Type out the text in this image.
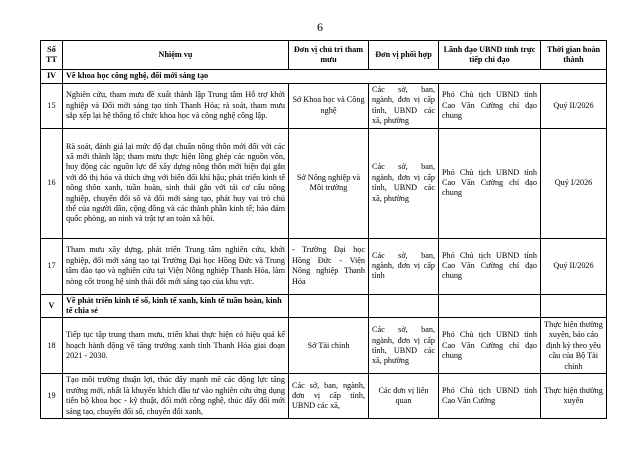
6
Số TT	Nhiệm vụ	Đơn vị chủ trì tham mưu	Đơn vị phối hợp	Lãnh đạo UBND tỉnh trực tiếp chỉ đạo	Thời gian hoàn thành
IV	Về khoa học công nghệ, đổi mới sáng tạo				
15	Nghiên cứu, tham mưu đề xuất thành lập Trung tâm Hỗ trợ khởi nghiệp và Đổi mới sáng tạo tỉnh Thanh Hóa; rà soát, tham mưu sắp xếp lại hệ thống tổ chức khoa học và công nghệ công lập.	Sở Khoa học và Công nghệ	Các sở, ban, ngành, đơn vị cấp tỉnh, UBND các xã, phường	Phó Chủ tịch UBND tỉnh Cao Văn Cường chỉ đạo chung	Quý II/2026
16	Rà soát, đánh giá lại mức độ đạt chuẩn nông thôn mới đối với các xã mới thành lập; tham mưu thực hiện lồng ghép các nguồn vốn, huy động các nguồn lực để xây dựng nông thôn mới hiện đại gắn với đô thị hóa và thích ứng với biến đổi khí hậu; phát triển kinh tế nông thôn xanh, tuần hoàn, sinh thái gắn với tái cơ cấu nông nghiệp, chuyển đổi số và đổi mới sáng tạo, phát huy vai trò chủ thể của người dân, cộng đồng và các thành phần kinh tế; bảo đảm quốc phòng, an ninh và trật tự an toàn xã hội.	Sở Nông nghiệp và Môi trường	Các sở, ban, ngành, đơn vị cấp tỉnh, UBND các xã, phường	Phó Chủ tịch UBND tỉnh Cao Văn Cường chỉ đạo chung	Quý I/2026
17	Tham mưu xây dựng, phát triển Trung tâm nghiên cứu, khởi nghiệp, đổi mới sáng tạo tại Trường Đại học Hồng Đức và Trung tâm đào tạo và nghiên cứu tại Viện Nông nghiệp Thanh Hóa, làm nòng cốt trong hệ sinh thái đổi mới sáng tạo của khu vực.	- Trường Đại học Hồng Đức - Viện Nông nghiệp Thanh Hóa	Các sở, ban, ngành, đơn vị cấp tỉnh	Phó Chủ tịch UBND tỉnh Cao Văn Cường chỉ đạo chung	Quý II/2026
V	Về phát triển kinh tế số, kinh tế xanh, kinh tế tuần hoàn, kinh tế chia sẻ				
18	Tiếp tục tập trung tham mưu, triển khai thực hiện có hiệu quả kế hoạch hành động về tăng trưởng xanh tỉnh Thanh Hóa giai đoạn 2021 - 2030.	Sở Tài chính	Các sở, ban, ngành, đơn vị cấp tỉnh, UBND các xã, phường	Phó Chủ tịch UBND tỉnh Cao Văn Cường chỉ đạo chung	Thực hiện thường xuyên, báo cáo định kỳ theo yêu cầu của Bộ Tài chính
19	Tạo môi trường thuận lợi, thúc đẩy mạnh mẽ các động lực tăng trưởng mới, nhất là khuyến khích đầu tư vào nghiên cứu ứng dụng tiến bộ khoa học - kỹ thuật, đổi mới công nghệ, thúc đẩy đổi mới sáng tạo, chuyển đổi số, chuyển đổi xanh,	Các sở, ban, ngành, đơn vị cấp tỉnh, UBND các xã,	Các đơn vị liên quan	Phó Chủ tịch UBND tỉnh Cao Văn Cường	Thực hiện thường xuyên
